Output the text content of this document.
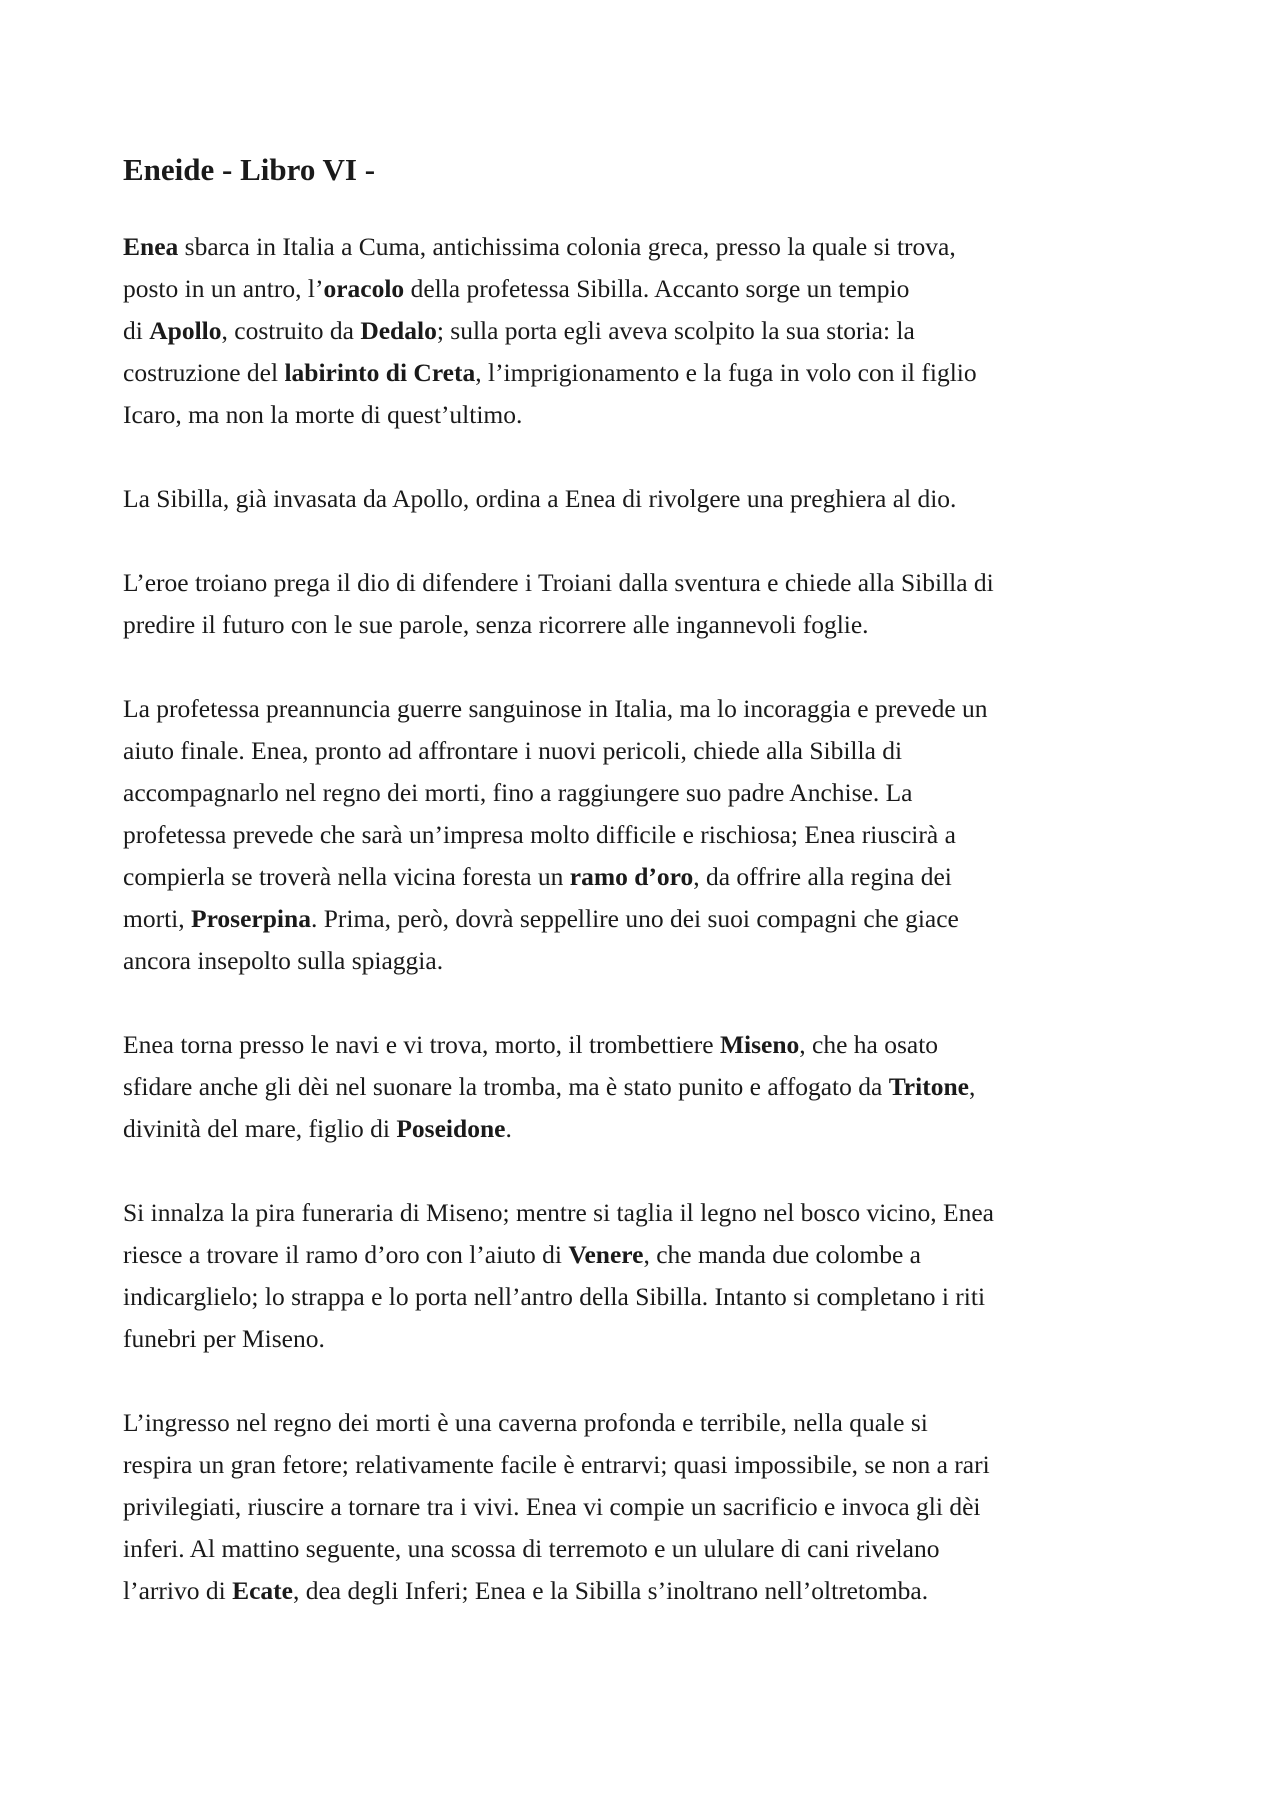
Eneide - Libro VI -

Enea sbarca in Italia a Cuma, antichissima colonia greca, presso la quale si trova,
posto in un antro, l’oracolo della profetessa Sibilla. Accanto sorge un tempio
di Apollo, costruito da Dedalo; sulla porta egli aveva scolpito la sua storia: la
costruzione del labirinto di Creta, l’imprigionamento e la fuga in volo con il figlio
Icaro, ma non la morte di quest’ultimo.

La Sibilla, già invasata da Apollo, ordina a Enea di rivolgere una preghiera al dio.

L’eroe troiano prega il dio di difendere i Troiani dalla sventura e chiede alla Sibilla di
predire il futuro con le sue parole, senza ricorrere alle ingannevoli foglie.

La profetessa preannuncia guerre sanguinose in Italia, ma lo incoraggia e prevede un
aiuto finale. Enea, pronto ad affrontare i nuovi pericoli, chiede alla Sibilla di
accompagnarlo nel regno dei morti, fino a raggiungere suo padre Anchise. La
profetessa prevede che sarà un’impresa molto difficile e rischiosa; Enea riuscirà a
compierla se troverà nella vicina foresta un ramo d’oro, da offrire alla regina dei
morti, Proserpina. Prima, però, dovrà seppellire uno dei suoi compagni che giace
ancora insepolto sulla spiaggia.

Enea torna presso le navi e vi trova, morto, il trombettiere Miseno, che ha osato
sfidare anche gli dèi nel suonare la tromba, ma è stato punito e affogato da Tritone,
divinità del mare, figlio di Poseidone.

Si innalza la pira funeraria di Miseno; mentre si taglia il legno nel bosco vicino, Enea
riesce a trovare il ramo d’oro con l’aiuto di Venere, che manda due colombe a
indicarglielo; lo strappa e lo porta nell’antro della Sibilla. Intanto si completano i riti
funebri per Miseno.

L’ingresso nel regno dei morti è una caverna profonda e terribile, nella quale si
respira un gran fetore; relativamente facile è entrarvi; quasi impossibile, se non a rari
privilegiati, riuscire a tornare tra i vivi. Enea vi compie un sacrificio e invoca gli dèi
inferi. Al mattino seguente, una scossa di terremoto e un ululare di cani rivelano
l’arrivo di Ecate, dea degli Inferi; Enea e la Sibilla s’inoltrano nell’oltretomba.
